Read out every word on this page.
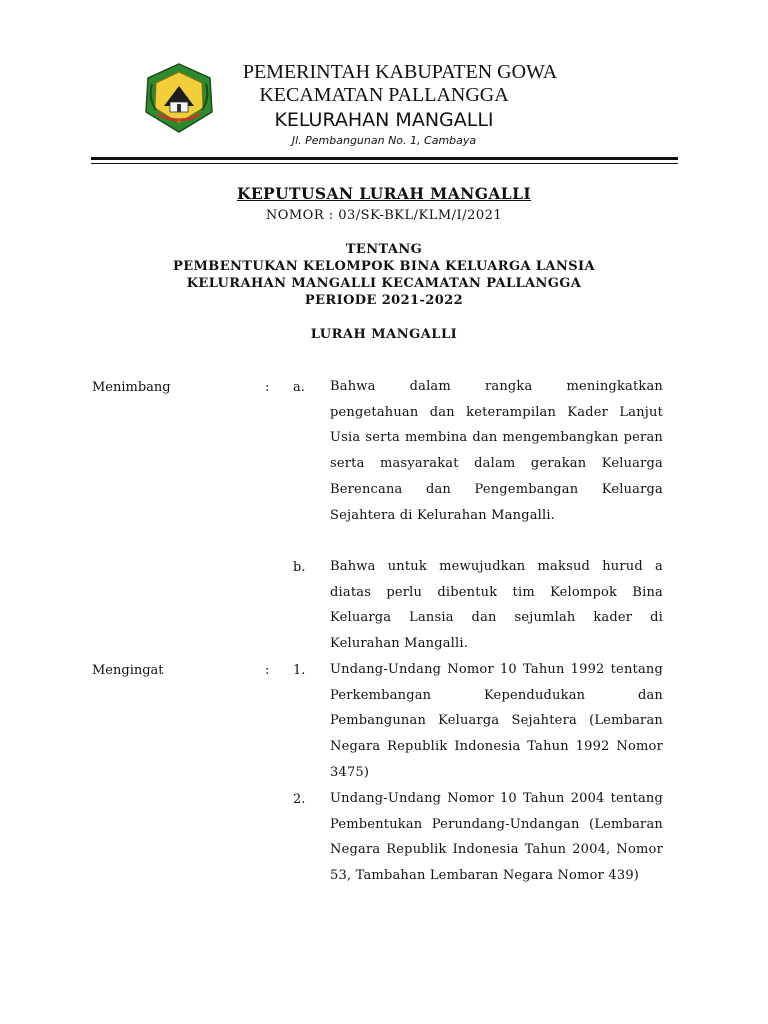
PEMERINTAH KABUPATEN GOWA
KECAMATAN PALLANGGA
KELURAHAN MANGALLI
Jl. Pembangunan No. 1, Cambaya
KEPUTUSAN LURAH MANGALLI
NOMOR : 03/SK-BKL/KLM/I/2021
TENTANG
PEMBENTUKAN KELOMPOK BINA KELUARGA LANSIA
KELURAHAN MANGALLI KECAMATAN PALLANGGA
PERIODE 2021-2022
LURAH MANGALLI
Menimbang	: a. Bahwa dalam rangka meningkatkan pengetahuan dan keterampilan Kader Lanjut Usia serta membina dan mengembangkan peran serta masyarakat dalam gerakan Keluarga Berencana dan Pengembangan Keluarga Sejahtera di Kelurahan Mangalli.
b. Bahwa untuk mewujudkan maksud hurud a diatas perlu dibentuk tim Kelompok Bina Keluarga Lansia dan sejumlah kader di Kelurahan Mangalli.
Mengingat	: 1. Undang-Undang Nomor 10 Tahun 1992 tentang Perkembangan Kependudukan dan Pembangunan Keluarga Sejahtera (Lembaran Negara Republik Indonesia Tahun 1992 Nomor 3475)
2. Undang-Undang Nomor 10 Tahun 2004 tentang Pembentukan Perundang-Undangan (Lembaran Negara Republik Indonesia Tahun 2004, Nomor 53, Tambahan Lembaran Negara Nomor 439)
